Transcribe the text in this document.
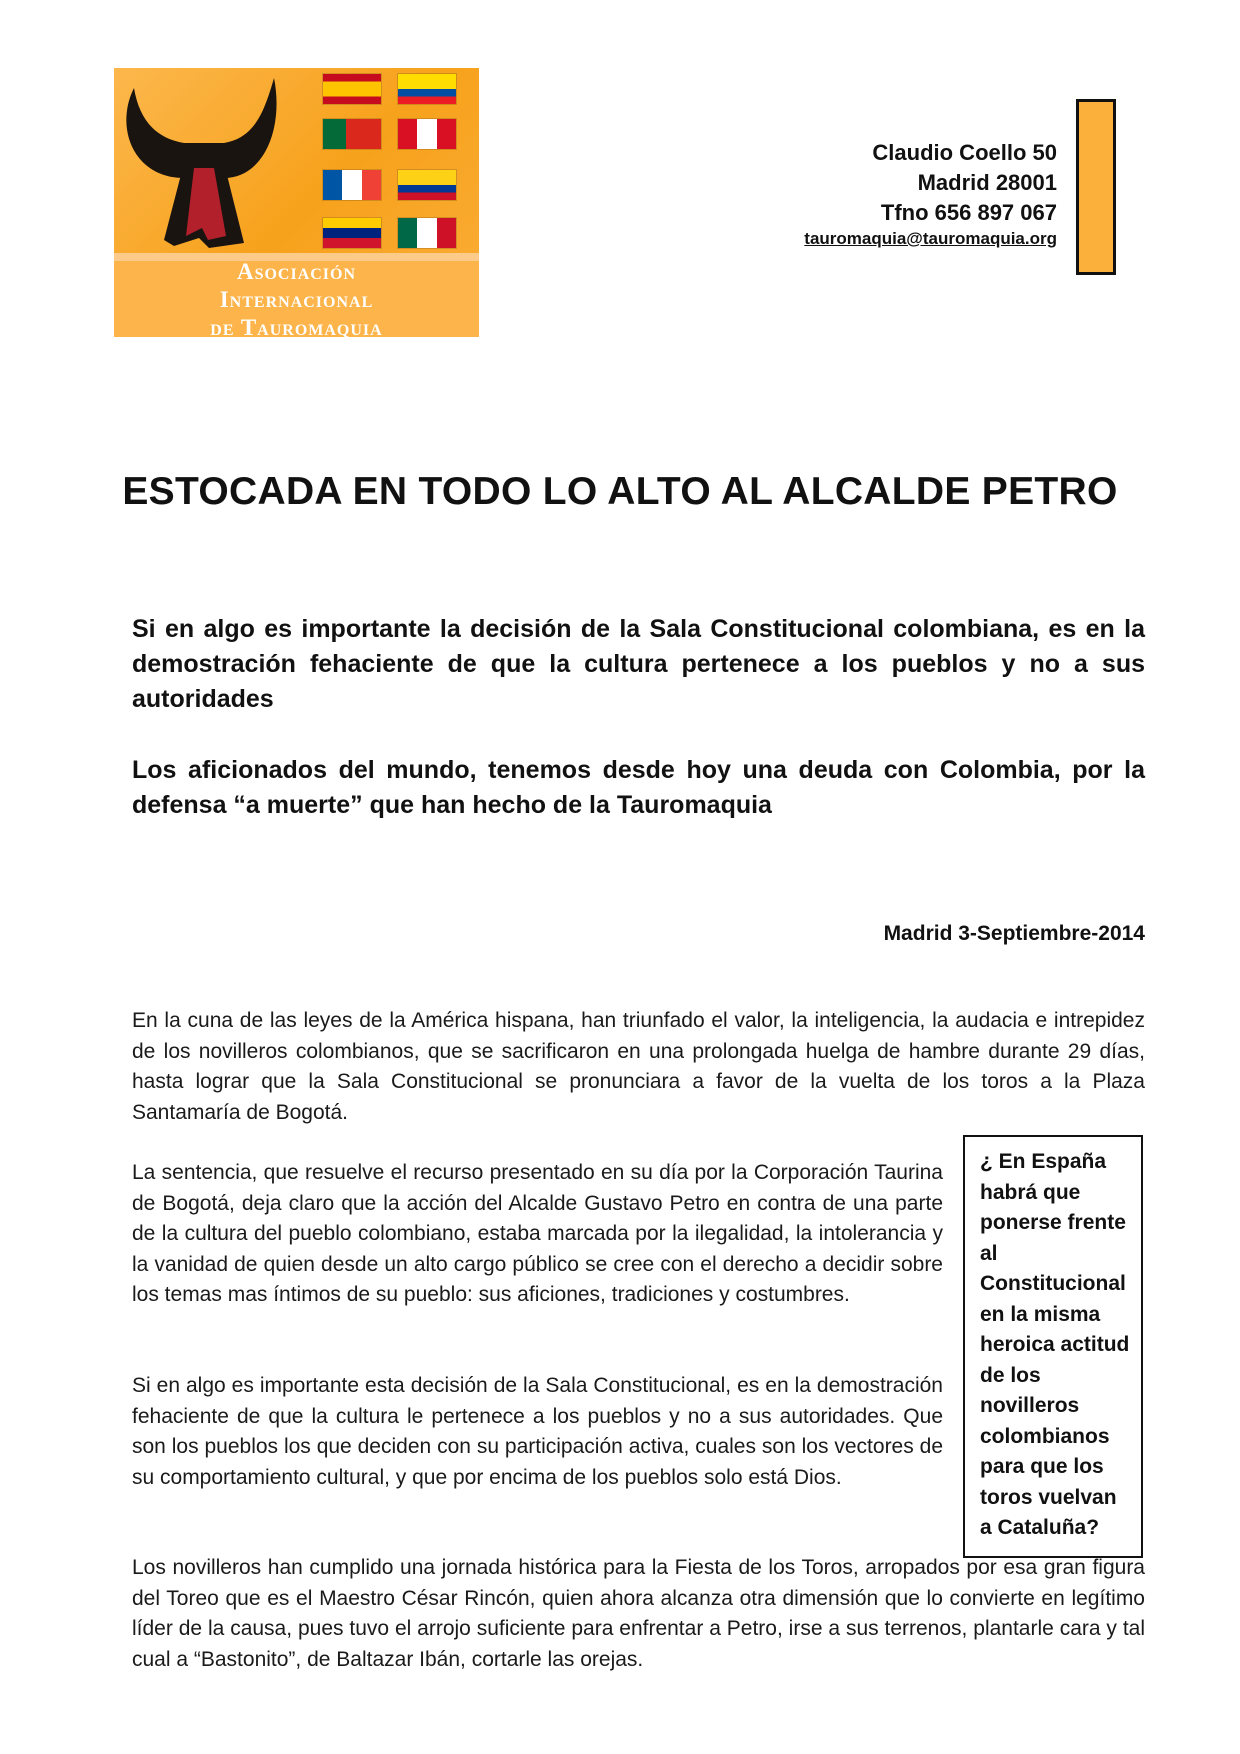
Asociación
Internacional
de Tauromaquia
Claudio Coello 50
Madrid 28001
Tfno 656 897 067
tauromaquia@tauromaquia.org
ESTOCADA EN TODO LO ALTO AL ALCALDE PETRO
Si en algo es importante la decisión de la Sala Constitucional colombiana, es en la demostración fehaciente de que la cultura pertenece a los pueblos y no a sus autoridades
Los aficionados del mundo, tenemos desde hoy una deuda con Colombia, por la defensa “a muerte” que han hecho de la Tauromaquia
Madrid 3-Septiembre-2014
En la cuna de las leyes de la América hispana, han triunfado el valor, la inteligencia, la audacia e intrepidez de los novilleros colombianos, que se sacrificaron en una prolongada huelga de hambre durante 29 días, hasta lograr que la Sala Constitucional se pronunciara a favor de la vuelta de los toros a la Plaza Santamaría de Bogotá.
La sentencia, que resuelve el recurso presentado en su día por la Corporación Taurina de Bogotá, deja claro que la acción del Alcalde Gustavo Petro en contra de una parte de la cultura del pueblo colombiano, estaba marcada por la ilegalidad, la intolerancia y la vanidad de quien desde un alto cargo público se cree con el derecho a decidir sobre los temas mas íntimos de su pueblo: sus aficiones, tradiciones y costumbres.
Si en algo es importante esta decisión de la Sala Constitucional, es en la demostración fehaciente de que la cultura le pertenece a los pueblos y no a sus autoridades. Que son los pueblos los que deciden con su participación activa, cuales son los vectores de su comportamiento cultural, y que por encima de los pueblos solo está Dios.
Los novilleros han cumplido una jornada histórica para la Fiesta de los Toros, arropados por esa gran figura del Toreo que es el Maestro César Rincón, quien ahora alcanza otra dimensión que lo convierte en legítimo líder de la causa, pues tuvo el arrojo suficiente para enfrentar a Petro, irse a sus terrenos, plantarle cara y tal cual a “Bastonito”, de Baltazar Ibán, cortarle las orejas.
¿ En España habrá que ponerse frente al Constitucional en la misma heroica actitud de los novilleros colombianos para que los toros vuelvan a Cataluña?
